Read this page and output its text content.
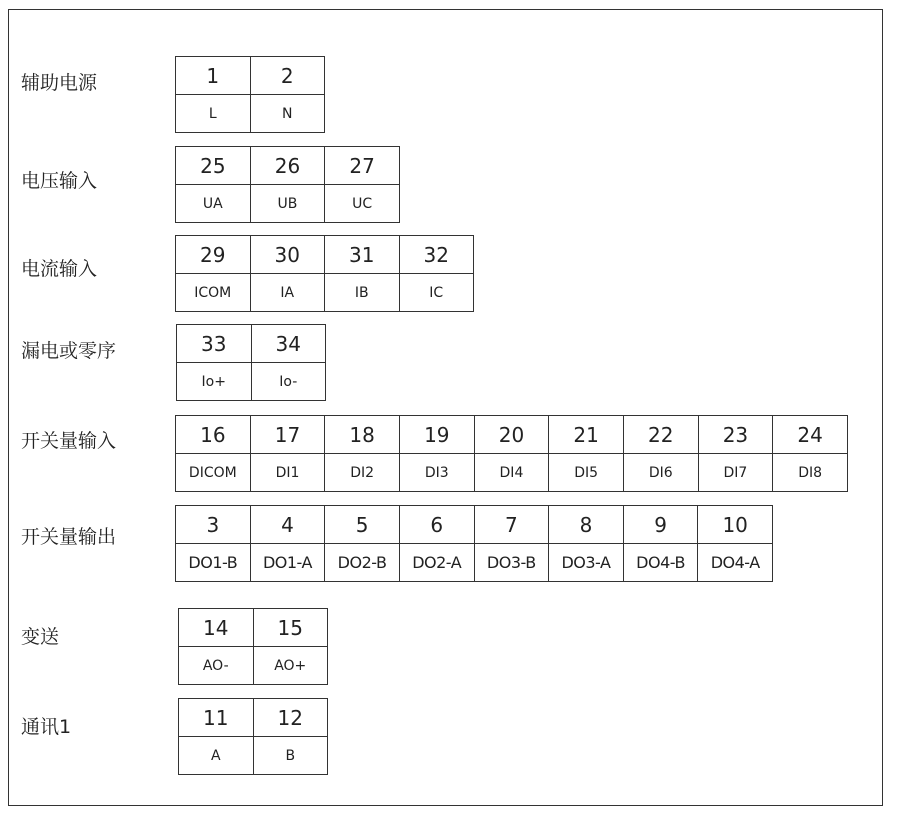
辅助电源	1	2
L	N
电压输入
25	26	27
UA	UB	UC
电流输入
29	30	31	32
ICOM	IA	IB	IC
漏电或零序	33	34
Io+	Io-
开关量输入	16	17	18	19	20	21	22	23	24
DICOM	DI1	DI2	DI3	DI4	DI5	DI6	DI7	DI8
开关量输出
3	4	5	6	7	8	9	10
DO1-B	DO1-A	DO2-B	DO2-A	DO3-B	DO3-A	DO4-B	DO4-A
变送	14	15
AO-	AO+
通讯1	11	12
A	B
